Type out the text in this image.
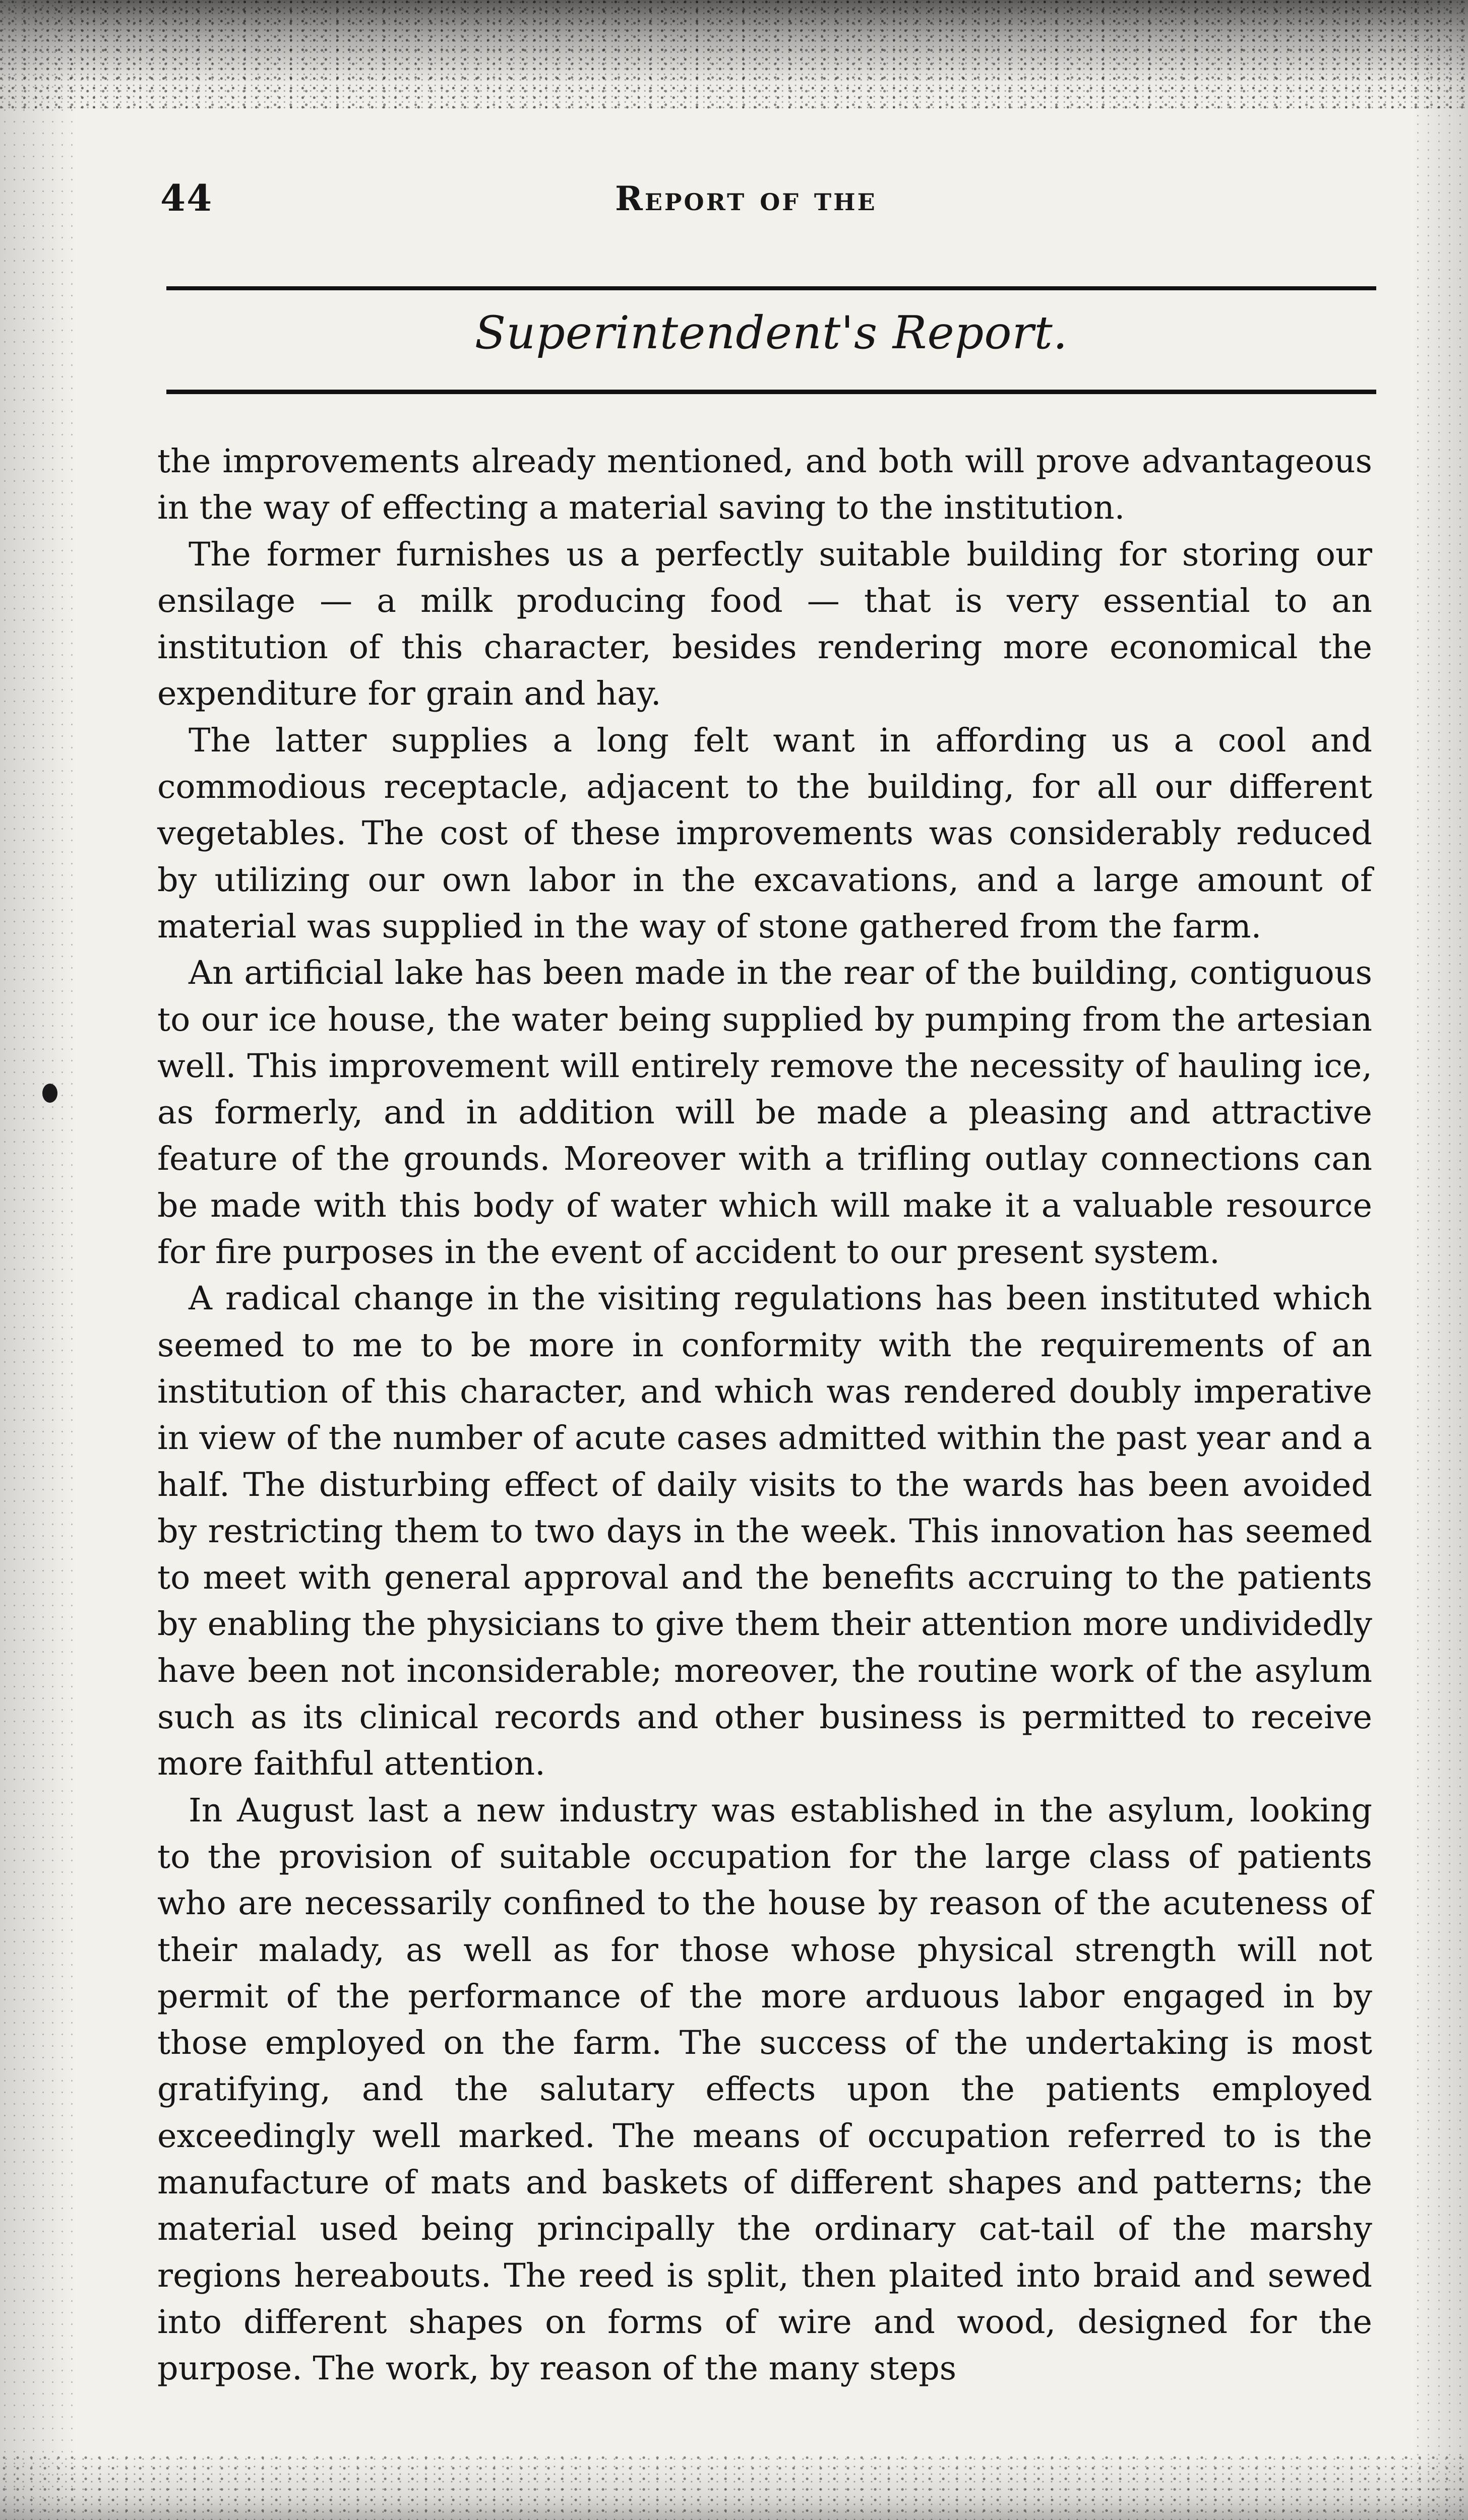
44	Report of the
Superintendent's Report.

the improvements already mentioned, and both will prove advantageous in the way of effecting a material saving to the institution.

The former furnishes us a perfectly suitable building for storing our ensilage — a milk producing food — that is very essential to an institution of this character, besides rendering more economical the expenditure for grain and hay.

The latter supplies a long felt want in affording us a cool and commodious receptacle, adjacent to the building, for all our different vegetables. The cost of these improvements was considerably reduced by utilizing our own labor in the excavations, and a large amount of material was supplied in the way of stone gathered from the farm.

An artificial lake has been made in the rear of the building, contiguous to our ice house, the water being supplied by pumping from the artesian well. This improvement will entirely remove the necessity of hauling ice, as formerly, and in addition will be made a pleasing and attractive feature of the grounds. Moreover with a trifling outlay connections can be made with this body of water which will make it a valuable resource for fire purposes in the event of accident to our present system.

A radical change in the visiting regulations has been instituted which seemed to me to be more in conformity with the requirements of an institution of this character, and which was rendered doubly imperative in view of the number of acute cases admitted within the past year and a half. The disturbing effect of daily visits to the wards has been avoided by restricting them to two days in the week. This innovation has seemed to meet with general approval and the benefits accruing to the patients by enabling the physicians to give them their attention more undividedly have been not inconsiderable; moreover, the routine work of the asylum such as its clinical records and other business is permitted to receive more faithful attention.

In August last a new industry was established in the asylum, looking to the provision of suitable occupation for the large class of patients who are necessarily confined to the house by reason of the acuteness of their malady, as well as for those whose physical strength will not permit of the performance of the more arduous labor engaged in by those employed on the farm. The success of the undertaking is most gratifying, and the salutary effects upon the patients employed exceedingly well marked. The means of occupation referred to is the manufacture of mats and baskets of different shapes and patterns; the material used being principally the ordinary cat-tail of the marshy regions hereabouts. The reed is split, then plaited into braid and sewed into different shapes on forms of wire and wood, designed for the purpose. The work, by reason of the many steps
